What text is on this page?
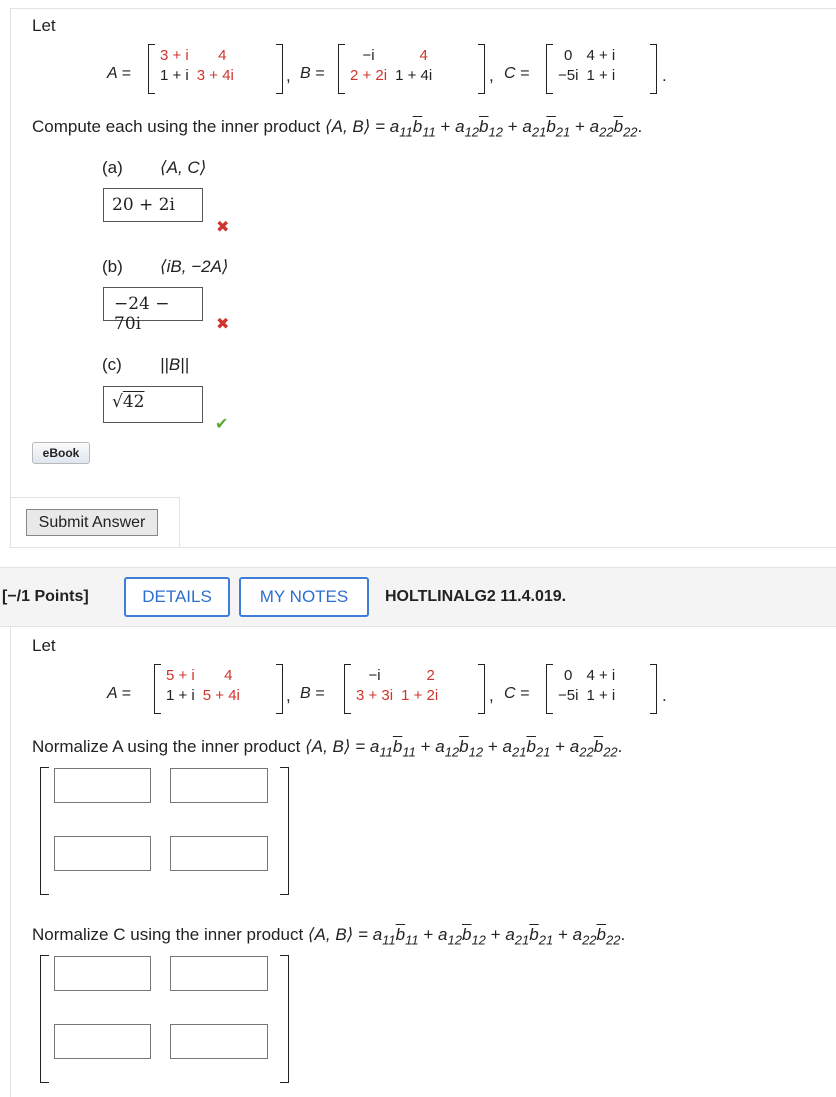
Let
A =
3 + i	4
1 + i	3 + 4i	, B =
−i	4
2 + 2i	1 + 4i	, C =
0	4 + i
−5i	1 + i	.
Compute each using the inner product ⟨A, B⟩ = $a_{11}\overline{b}_{11} + a_{12}\overline{b}_{12} + a_{21}\overline{b}_{21} + a_{22}\overline{b}_{22}$.
(a) ⟨A, C⟩
20 + 2i
✖
(b) ⟨iB, −2A⟩
−24 − 70i	✖
(c) ||B||
√42
✔
eBook
Submit Answer
[−/1 Points]	DETAILS	MY NOTES	HOLTLINALG2 11.4.019.
Let
A =
5 + i	4
1 + i	5 + 4i	, B =
−i	2
3 + 3i	1 + 2i	, C =
0	4 + i
−5i	1 + i	.
Normalize A using the inner product ⟨A, B⟩ = $a_{11}\overline{b}_{11} + a_{12}\overline{b}_{12} + a_{21}\overline{b}_{21} + a_{22}\overline{b}_{22}$.
Normalize C using the inner product ⟨A, B⟩ = $a_{11}\overline{b}_{11} + a_{12}\overline{b}_{12} + a_{21}\overline{b}_{21} + a_{22}\overline{b}_{22}$.
